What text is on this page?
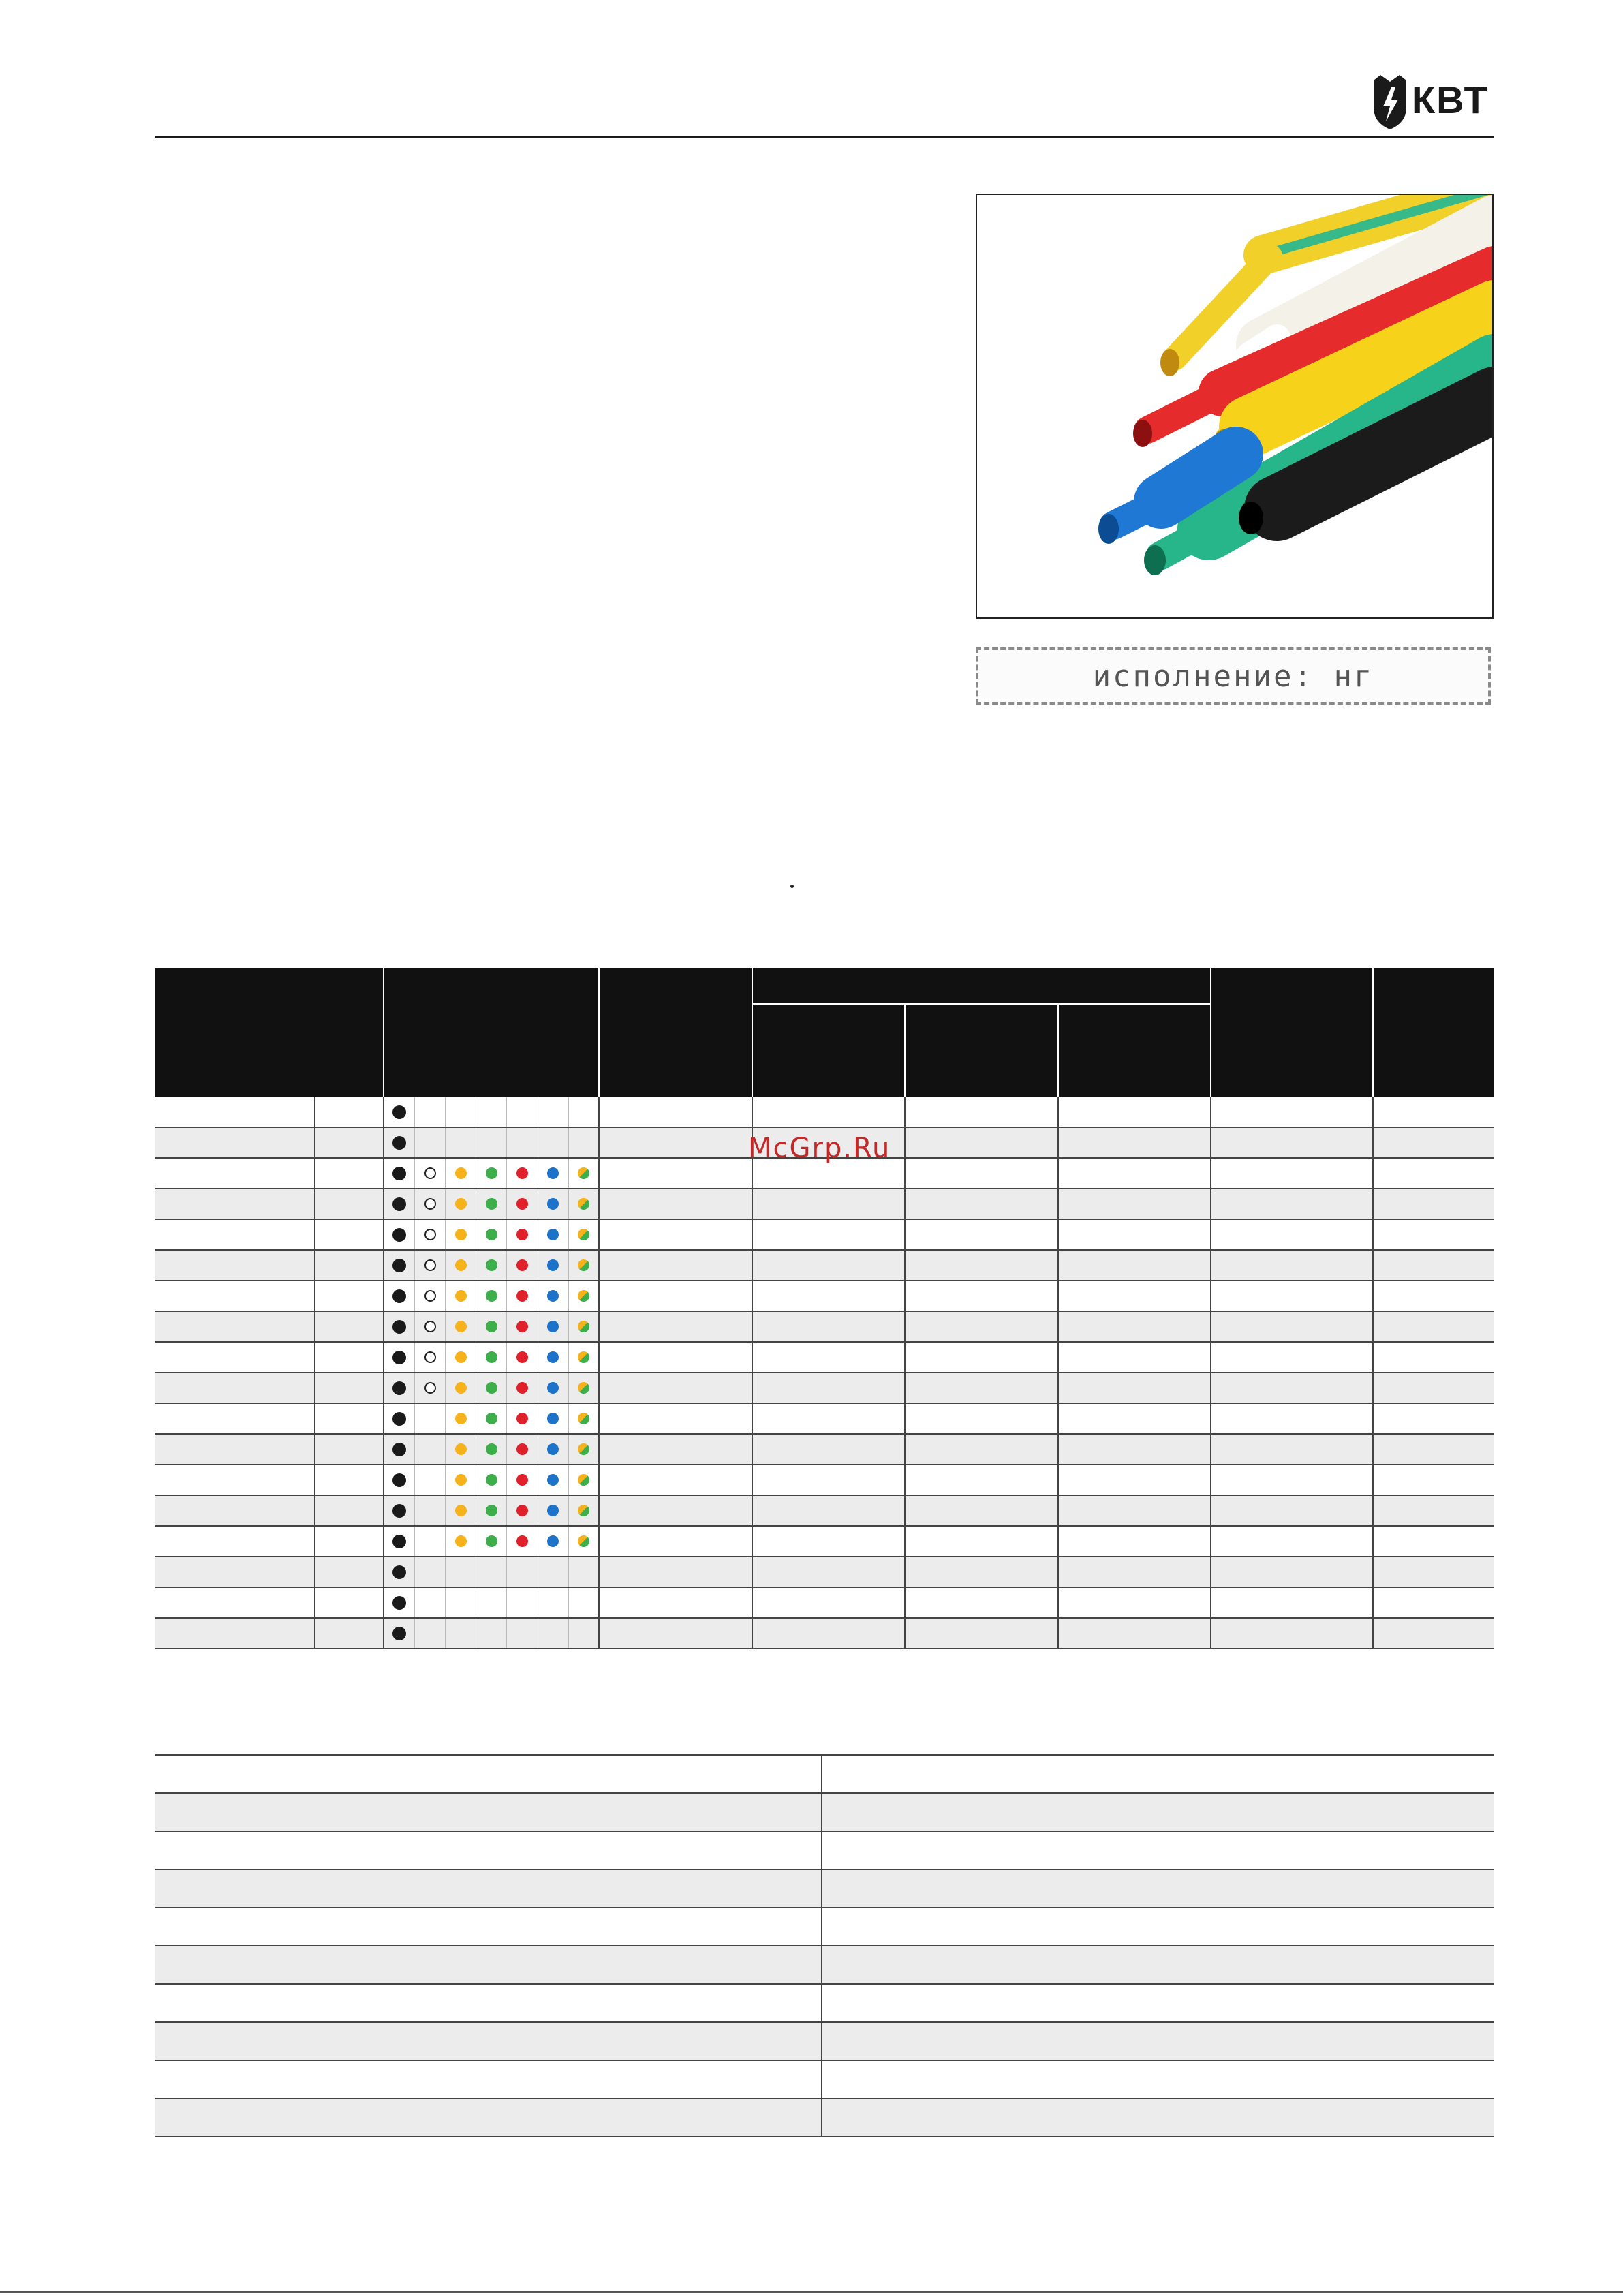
КВТ
исполнение: нг

McGrp.Ru
